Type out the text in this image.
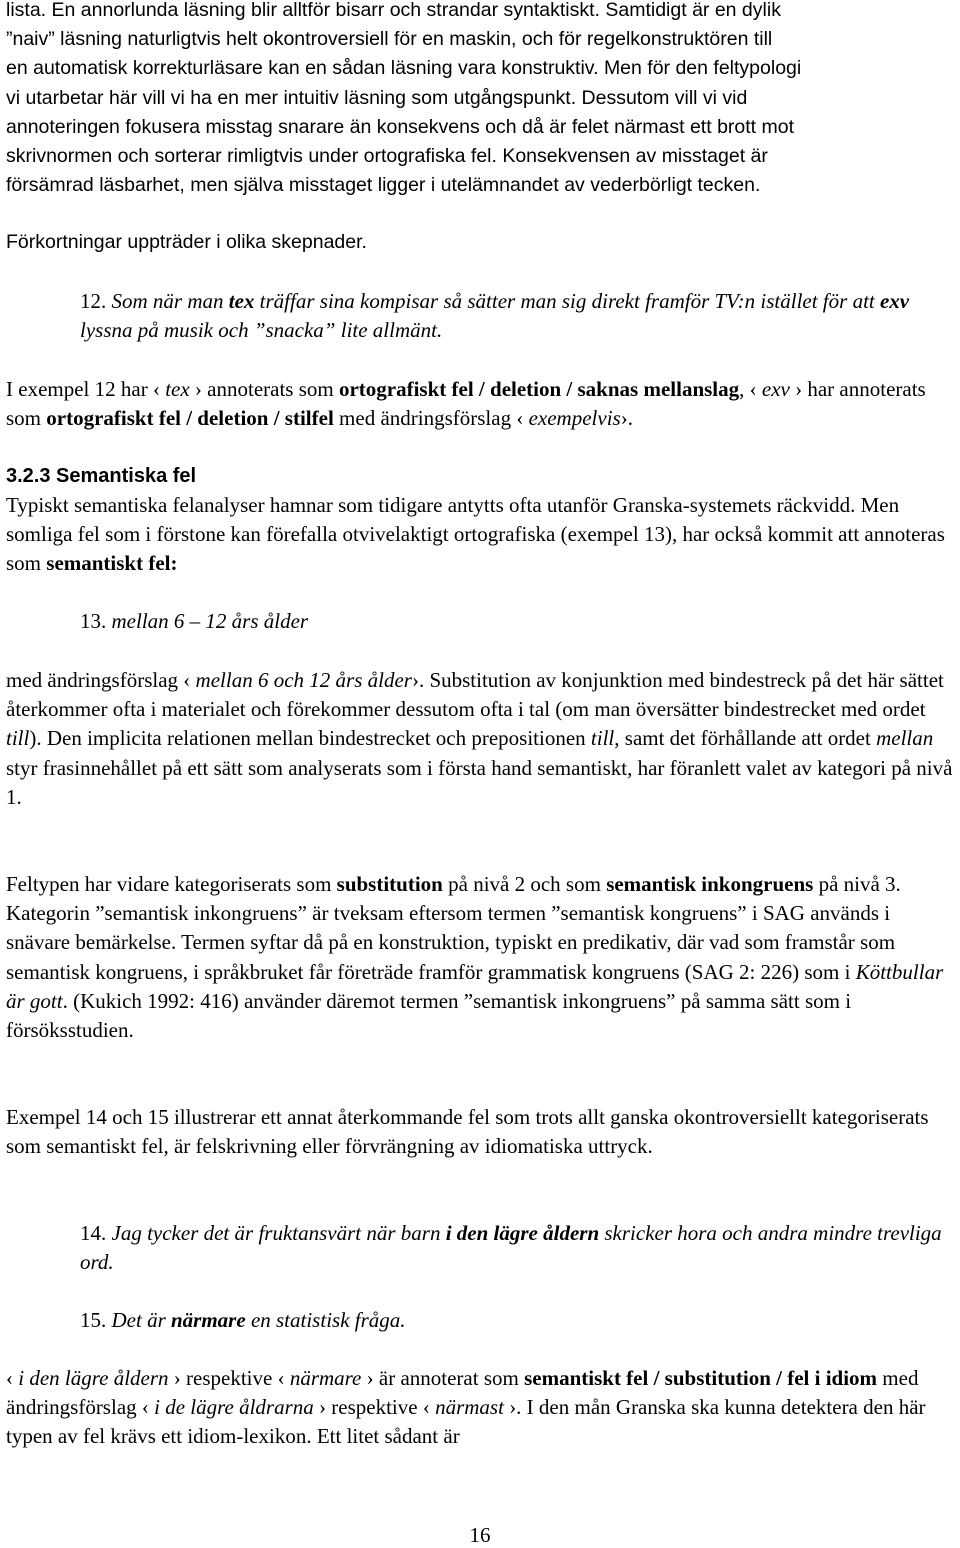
lista. En annorlunda läsning blir alltför bisarr och strandar syntaktiskt. Samtidigt är en dylik
”naiv” läsning naturligtvis helt okontroversiell för en maskin, och för regelkonstruktören till
en automatisk korrekturläsare kan en sådan läsning vara konstruktiv. Men för den feltypologi
vi utarbetar här vill vi ha en mer intuitiv läsning som utgångspunkt. Dessutom vill vi vid
annoteringen fokusera misstag snarare än konsekvens och då är felet närmast ett brott mot
skrivnormen och sorterar rimligtvis under ortografiska fel. Konsekvensen av misstaget är
försämrad läsbarhet, men själva misstaget ligger i utelämnandet av vederbörligt tecken.
Förkortningar uppträder i olika skepnader.
12. Som när man tex träffar sina kompisar så sätter man sig direkt framför TV:n istället för att exv lyssna på musik och ”snacka” lite allmänt.
I exempel 12 har ‹ tex › annoterats som ortografiskt fel / deletion / saknas mellanslag, ‹ exv › har annoterats som ortografiskt fel / deletion / stilfel med ändringsförslag ‹ exempelvis›.
3.2.3 Semantiska fel
Typiskt semantiska felanalyser hamnar som tidigare antytts ofta utanför Granska-systemets räckvidd. Men somliga fel som i förstone kan förefalla otvivelaktigt ortografiska (exempel 13), har också kommit att annoteras som semantiskt fel:
13. mellan 6 – 12 års ålder
med ändringsförslag ‹ mellan 6 och 12 års ålder›. Substitution av konjunktion med bindestreck på det här sättet återkommer ofta i materialet och förekommer dessutom ofta i tal (om man översätter bindestrecket med ordet till). Den implicita relationen mellan bindestrecket och prepositionen till, samt det förhållande att ordet mellan styr frasinnehållet på ett sätt som analyserats som i första hand semantiskt, har föranlett valet av kategori på nivå 1.
Feltypen har vidare kategoriserats som substitution på nivå 2 och som semantisk inkongruens på nivå 3. Kategorin ”semantisk inkongruens” är tveksam eftersom termen ”semantisk kongruens” i SAG används i snävare bemärkelse. Termen syftar då på en konstruktion, typiskt en predikativ, där vad som framstår som semantisk kongruens, i språkbruket får företräde framför grammatisk kongruens (SAG 2: 226) som i Köttbullar är gott. (Kukich 1992: 416) använder däremot termen ”semantisk inkongruens” på samma sätt som i försöksstudien.
Exempel 14 och 15 illustrerar ett annat återkommande fel som trots allt ganska okontroversiellt kategoriserats som semantiskt fel, är felskrivning eller förvrängning av idiomatiska uttryck.
14. Jag tycker det är fruktansvärt när barn i den lägre åldern skricker hora och andra mindre trevliga ord.
15. Det är närmare en statistisk fråga.
‹ i den lägre åldern › respektive ‹ närmare › är annoterat som semantiskt fel / substitution / fel i idiom med ändringsförslag ‹ i de lägre åldrarna › respektive ‹ närmast ›. I den mån Granska ska kunna detektera den här typen av fel krävs ett idiom-lexikon. Ett litet sådant är
16
